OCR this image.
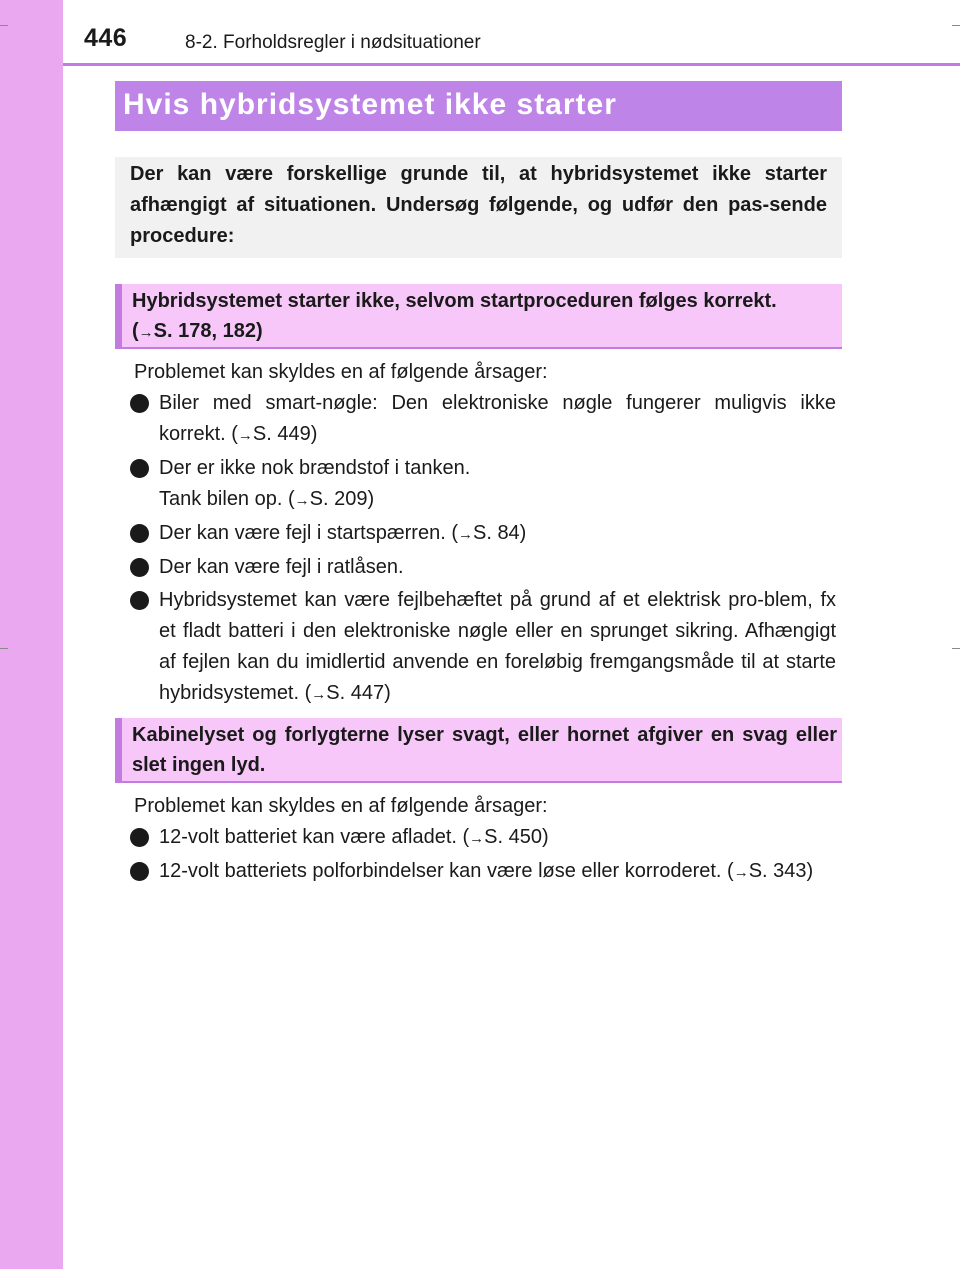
446	8-2. Forholdsregler i nødsituationer
Hvis hybridsystemet ikke starter
Der kan være forskellige grunde til, at hybridsystemet ikke starter afhængigt af situationen. Undersøg følgende, og udfør den pas-sende procedure:
Hybridsystemet starter ikke, selvom startproceduren følges korrekt.
(→S. 178, 182)
Problemet kan skyldes en af følgende årsager:
Biler med smart-nøgle: Den elektroniske nøgle fungerer muligvis ikke korrekt. (→S. 449)
Der er ikke nok brændstof i tanken.
Tank bilen op. (→S. 209)
Der kan være fejl i startspærren. (→S. 84)
Der kan være fejl i ratlåsen.
Hybridsystemet kan være fejlbehæftet på grund af et elektrisk pro-blem, fx et fladt batteri i den elektroniske nøgle eller en sprunget sikring. Afhængigt af fejlen kan du imidlertid anvende en foreløbig fremgangsmåde til at starte hybridsystemet. (→S. 447)
Kabinelyset og forlygterne lyser svagt, eller hornet afgiver en svag eller slet ingen lyd.
Problemet kan skyldes en af følgende årsager:
12-volt batteriet kan være afladet. (→S. 450)
12-volt batteriets polforbindelser kan være løse eller korroderet. (→S. 343)
